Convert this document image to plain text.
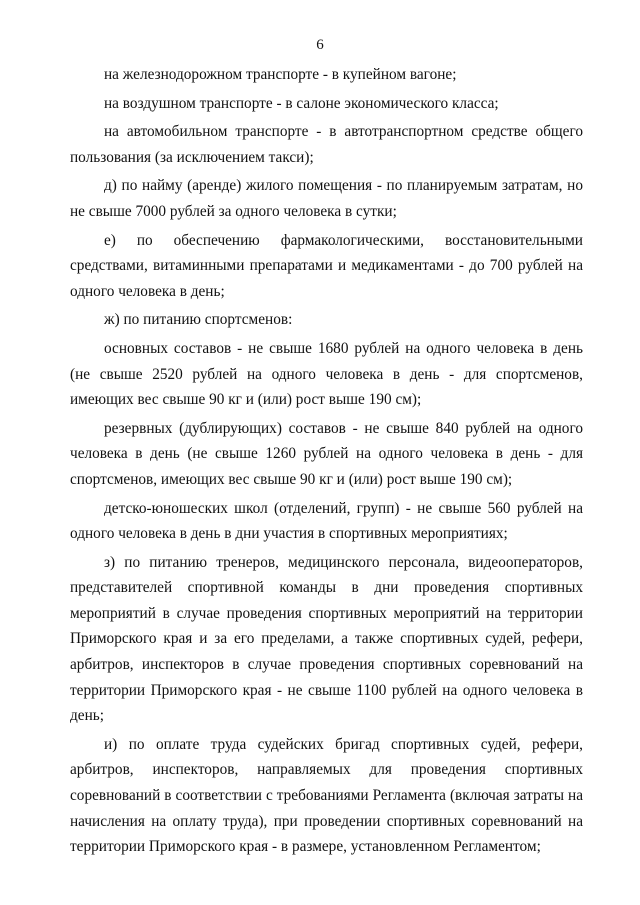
6

на железнодорожном транспорте - в купейном вагоне;

на воздушном транспорте - в салоне экономического класса;

на автомобильном транспорте - в автотранспортном средстве общего пользования (за исключением такси);

д) по найму (аренде) жилого помещения - по планируемым затратам, но не свыше 7000 рублей за одного человека в сутки;

е) по обеспечению фармакологическими, восстановительными средствами, витаминными препаратами и медикаментами - до 700 рублей на одного человека в день;

ж) по питанию спортсменов:

основных составов - не свыше 1680 рублей на одного человека в день (не свыше 2520 рублей на одного человека в день - для спортсменов, имеющих вес свыше 90 кг и (или) рост выше 190 см);

резервных (дублирующих) составов - не свыше 840 рублей на одного человека в день (не свыше 1260 рублей на одного человека в день - для спортсменов, имеющих вес свыше 90 кг и (или) рост выше 190 см);

детско-юношеских школ (отделений, групп) - не свыше 560 рублей на одного человека в день в дни участия в спортивных мероприятиях;

з) по питанию тренеров, медицинского персонала, видеооператоров, представителей спортивной команды в дни проведения спортивных мероприятий в случае проведения спортивных мероприятий на территории Приморского края и за его пределами, а также спортивных судей, рефери, арбитров, инспекторов в случае проведения спортивных соревнований на территории Приморского края - не свыше 1100 рублей на одного человека в день;

и) по оплате труда судейских бригад спортивных судей, рефери, арбитров, инспекторов, направляемых для проведения спортивных соревнований в соответствии с требованиями Регламента (включая затраты на начисления на оплату труда), при проведении спортивных соревнований на территории Приморского края - в размере, установленном Регламентом;
